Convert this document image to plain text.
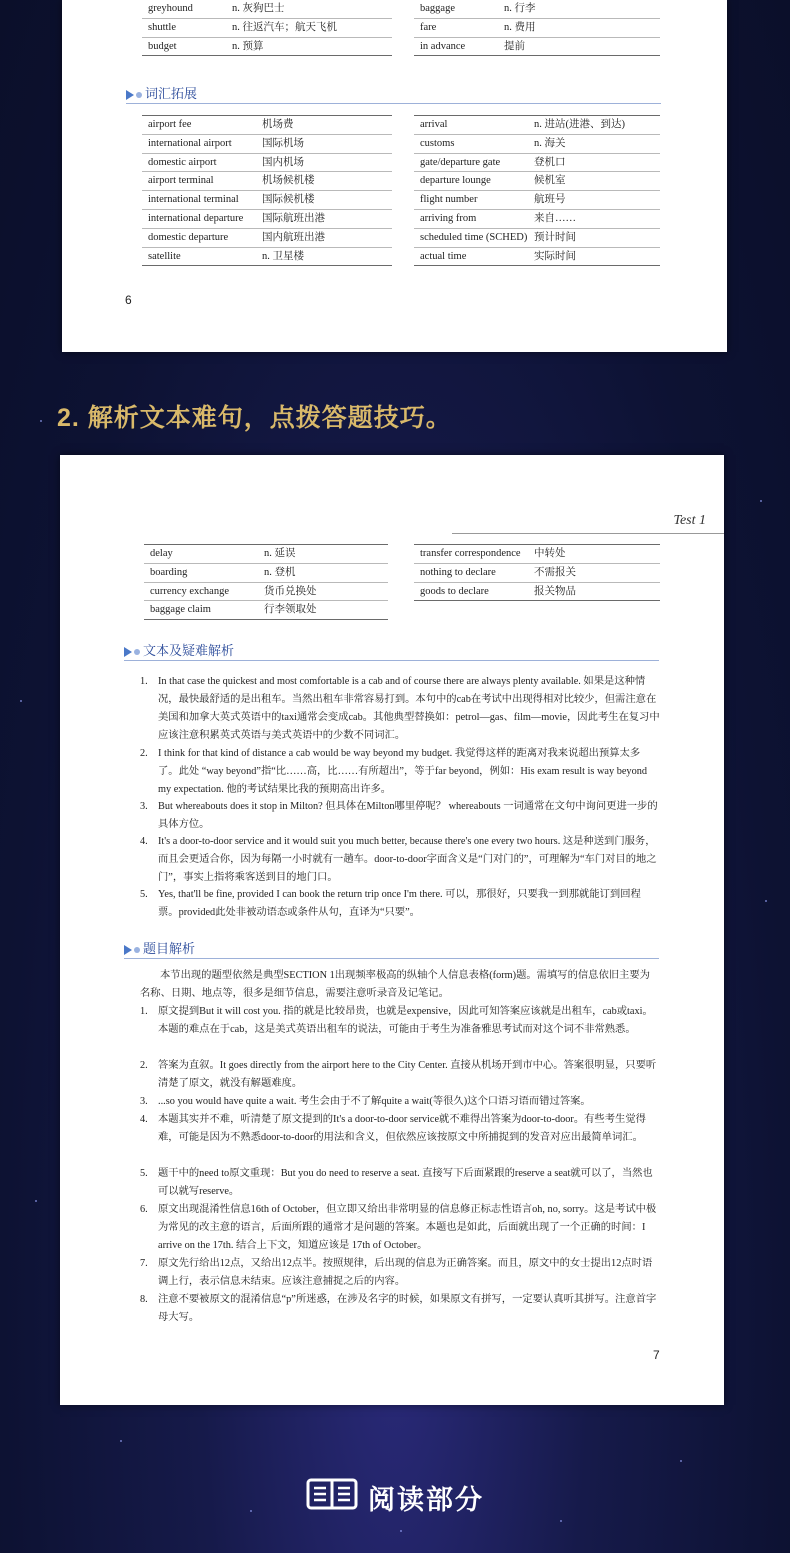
greyhound	n. 灰狗巴士
shuttle	n. 往返汽车；航天飞机
budget	n. 预算
baggage	n. 行李
fare	n. 费用
in advance	提前
词汇拓展
airport fee	机场费
international airport	国际机场
domestic airport	国内机场
airport terminal	机场候机楼
international terminal 国际候机楼
international departure 国际航班出港
domestic departure	国内航班出港
satellite	n. 卫星楼
arrival	n. 进站(进港、到达)
customs	n. 海关
gate/departure gate	登机口
departure lounge	候机室
flight number	航班号
arriving from	来自……
scheduled time (SCHED) 预计时间
actual time	实际时间
6
2. 解析文本难句，点拨答题技巧。
Test 1
delay	n. 延误
boarding	n. 登机
currency exchange	货币兑换处
baggage claim	行李领取处
transfer correspondence 中转处
nothing to declare	不需报关
goods to declare	报关物品
文本及疑难解析
1. In that case the quickest and most comfortable is a cab and of course there are always plenty available. 如果是这种情况，最快最舒适的是出租车。当然出租车非常容易打到。本句中的cab在考试中出现得相对比较少，但需注意在美国和加拿大英式英语中的taxi通常会变成cab。其他典型替换如：petrol—gas、film—movie，因此考生在复习中应该注意积累英式英语与美式英语中的少数不同词汇。
2. I think for that kind of distance a cab would be way beyond my budget. 我觉得这样的距离对我来说超出预算太多了。此处 “way beyond”指“比……高，比……有所超出”，等于far beyond，例如：His exam result is way beyond my expectation. 他的考试结果比我的预期高出许多。
3. But whereabouts does it stop in Milton? 但具体在Milton哪里停呢？ whereabouts 一词通常在文句中询问更进一步的具体方位。
4. It's a door-to-door service and it would suit you much better, because there's one every two hours. 这是种送到门服务，而且会更适合你，因为每隔一小时就有一趟车。door-to-door字面含义是“门对门的”，可理解为“车门对目的地之门”，事实上指将乘客送到目的地门口。
5. Yes, that'll be fine, provided I can book the return trip once I'm there. 可以，那很好，只要我一到那就能订到回程票。provided此处非被动语态或条件从句，直译为“只要”。
题目解析
本节出现的题型依然是典型SECTION 1出现频率极高的纵轴个人信息表格(form)题。需填写的信息依旧主要为名称、日期、地点等，很多是细节信息，需要注意听录音及记笔记。
1. 原文提到But it will cost you. 指的就是比较昂贵，也就是expensive，因此可知答案应该就是出租车，cab或taxi。本题的难点在于cab，这是美式英语出租车的说法，可能由于考生为准备雅思考试而对这个词不非常熟悉。
2. 答案为直叙。It goes directly from the airport here to the City Center. 直接从机场开到市中心。答案很明显，只要听清楚了原文，就没有解题难度。
3. ...so you would have quite a wait. 考生会由于不了解quite a wait(等很久)这个口语习语而错过答案。
4. 本题其实并不难，听清楚了原文提到的It's a door-to-door service就不难得出答案为door-to-door。有些考生觉得难，可能是因为不熟悉door-to-door的用法和含义，但依然应该按原文中所捕捉到的发音对应出最简单词汇。
5. 题干中的need to原文重现：But you do need to reserve a seat. 直接写下后面紧跟的reserve a seat就可以了，当然也可以就写reserve。
6. 原文出现混淆性信息16th of October，但立即又给出非常明显的信息修正标志性语言oh, no, sorry。这是考试中极为常见的改主意的语言，后面所跟的通常才是问题的答案。本题也是如此，后面就出现了一个正确的时间：I arrive on the 17th. 结合上下文，知道应该是 17th of October。
7. 原文先行给出12点，又给出12点半。按照规律，后出现的信息为正确答案。而且，原文中的女士提出12点时语调上行，表示信息未结束。应该注意捕捉之后的内容。
8. 注意不要被原文的混淆信息“p”所迷惑，在涉及名字的时候，如果原文有拼写，一定要认真听其拼写。注意首字母大写。
7
阅读部分
